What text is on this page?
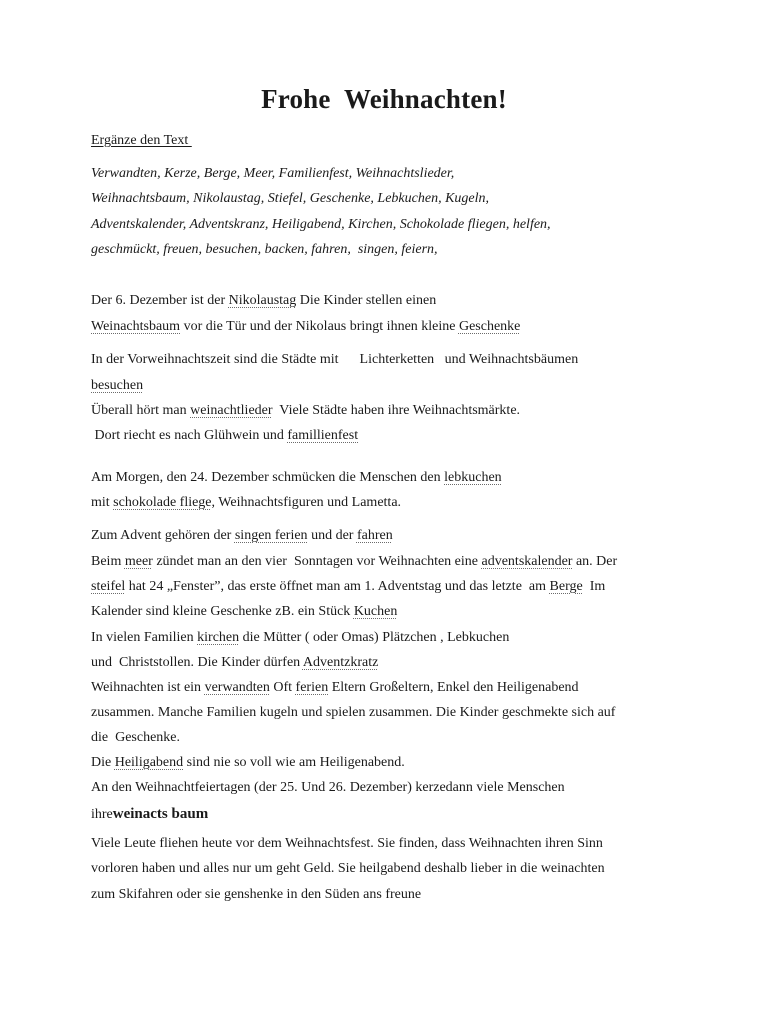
Frohe  Weihnachten!
Ergänze den Text
Verwandten, Kerze, Berge, Meer, Familienfest, Weihnachtslieder,
Weihnachtsbaum, Nikolaustag, Stiefel, Geschenke, Lebkuchen, Kugeln,
Adventskalender, Adventskranz, Heiligabend, Kirchen, Schokolade fliegen, helfen,
geschmückt, freuen, besuchen, backen, fahren,  singen, feiern,
Der 6. Dezember ist der Nikolaustag Die Kinder stellen einen
Weinachtsbaum vor die Tür und der Nikolaus bringt ihnen kleine Geschenke
In der Vorweihnachtszeit sind die Städte mit      Lichterketten   und Weihnachtsbäumen
besuchen
Überall hört man weinachtlieder  Viele Städte haben ihre Weihnachtsmärkte.
Dort riecht es nach Glühwein und famillienfest
Am Morgen, den 24. Dezember schmücken die Menschen den lebkuchen
mit schokolade fliege, Weihnachtsfiguren und Lametta.
Zum Advent gehören der singen ferien und der fahren
Beim meer zündet man an den vier  Sonntagen vor Weihnachten eine adventskalender an. Der
steifel hat 24 „Fenster”, das erste öffnet man am 1. Adventstag und das letzte  am Berge  Im
Kalender sind kleine Geschenke zB. ein Stück Kuchen
In vielen Familien kirchen die Mütter ( oder Omas) Plätzchen , Lebkuchen
und  Christstollen. Die Kinder dürfen Adventzkratz
Weihnachten ist ein verwandten Oft ferien Eltern Großeltern, Enkel den Heiligenabend
zusammen. Manche Familien kugeln und spielen zusammen. Die Kinder geschmekte sich auf
die  Geschenke.
Die Heiligabend sind nie so voll wie am Heiligenabend.
An den Weihnachtfeiertagen (der 25. Und 26. Dezember) kerzedann viele Menschen
ihreweinacts baum
Viele Leute fliehen heute vor dem Weihnachtsfest. Sie finden, dass Weihnachten ihren Sinn
vorloren haben und alles nur um geht Geld. Sie heilgabend deshalb lieber in die weinachten
zum Skifahren oder sie genshenke in den Süden ans freune
